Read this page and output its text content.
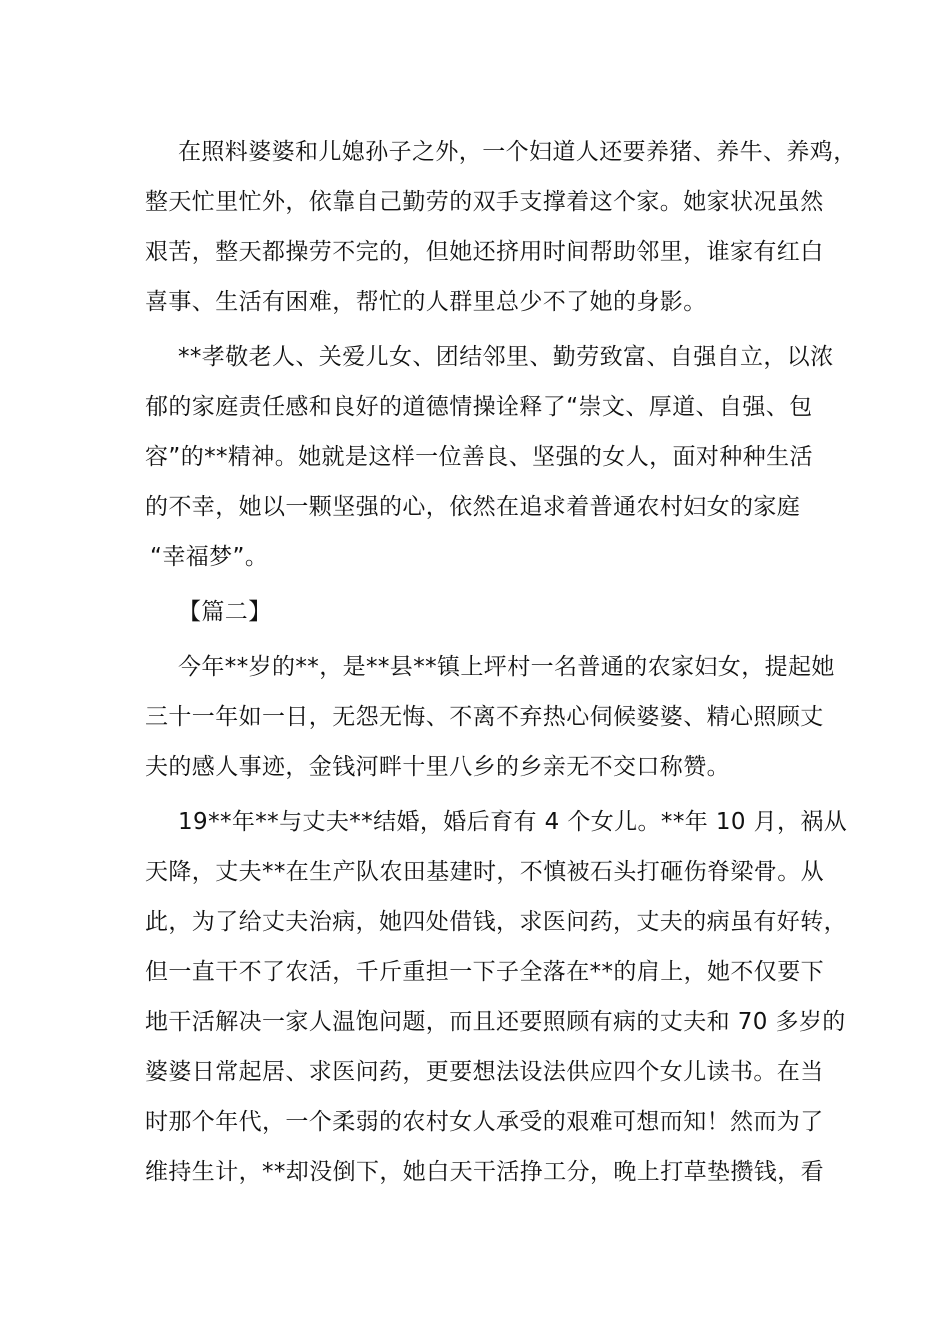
在照料婆婆和儿媳孙子之外，一个妇道人还要养猪、养牛、养鸡，
整天忙里忙外，依靠自己勤劳的双手支撑着这个家。她家状况虽然
艰苦，整天都操劳不完的，但她还挤用时间帮助邻里，谁家有红白
喜事、生活有困难，帮忙的人群里总少不了她的身影。
**孝敬老人、关爱儿女、团结邻里、勤劳致富、自强自立，以浓
郁的家庭责任感和良好的道德情操诠释了“崇文、厚道、自强、包
容”的**精神。她就是这样一位善良、坚强的女人，面对种种生活
的不幸，她以一颗坚强的心，依然在追求着普通农村妇女的家庭
“幸福梦”。
【篇二】
今年**岁的**，是**县**镇上坪村一名普通的农家妇女，提起她
三十一年如一日，无怨无悔、不离不弃热心伺候婆婆、精心照顾丈
夫的感人事迹，金钱河畔十里八乡的乡亲无不交口称赞。
19**年**与丈夫**结婚，婚后育有 4 个女儿。**年 10 月，祸从
天降，丈夫**在生产队农田基建时，不慎被石头打砸伤脊梁骨。从
此，为了给丈夫治病，她四处借钱，求医问药，丈夫的病虽有好转，
但一直干不了农活，千斤重担一下子全落在**的肩上，她不仅要下
地干活解决一家人温饱问题，而且还要照顾有病的丈夫和 70 多岁的
婆婆日常起居、求医问药，更要想法设法供应四个女儿读书。在当
时那个年代，一个柔弱的农村女人承受的艰难可想而知！然而为了
维持生计，**却没倒下，她白天干活挣工分，晚上打草垫攒钱，看
